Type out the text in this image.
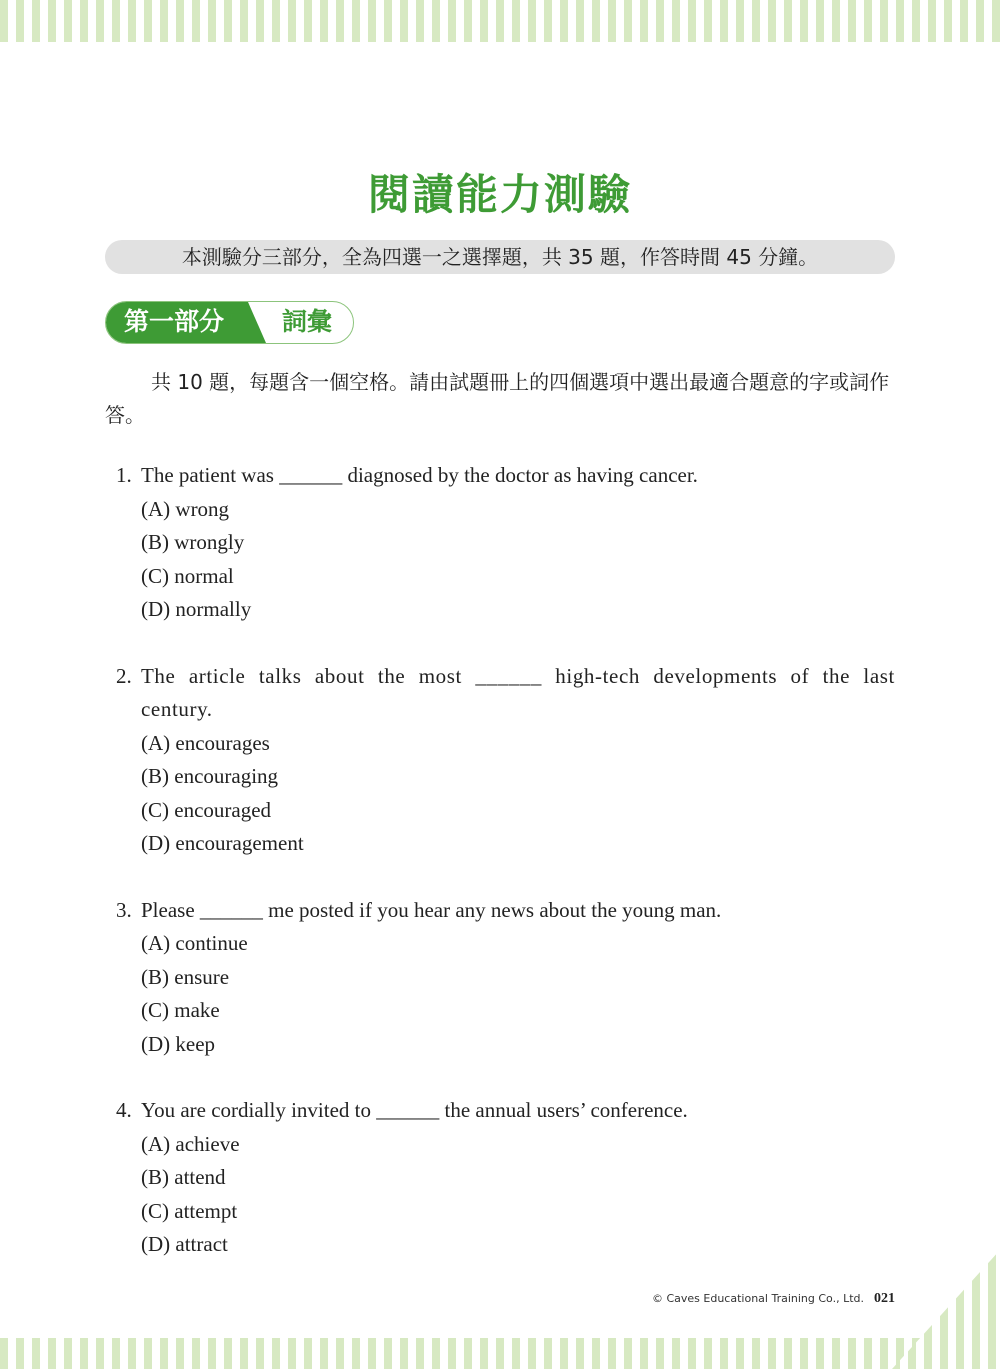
閱讀能力測驗
本測驗分三部分，全為四選一之選擇題，共 35 題，作答時間 45 分鐘。
第一部分 詞彙

共 10 題，每題含一個空格。請由試題冊上的四個選項中選出最適合題意的字或詞作答。

1. The patient was ______ diagnosed by the doctor as having cancer.
(A) wrong
(B) wrongly
(C) normal
(D) normally
2. The article talks about the most ______ high-tech developments of the last century.
(A) encourages
(B) encouraging
(C) encouraged
(D) encouragement
3. Please ______ me posted if you hear any news about the young man.
(A) continue
(B) ensure
(C) make
(D) keep
4. You are cordially invited to ______ the annual users’ conference.
(A) achieve
(B) attend
(C) attempt
(D) attract
© Caves Educational Training Co., Ltd. 021
